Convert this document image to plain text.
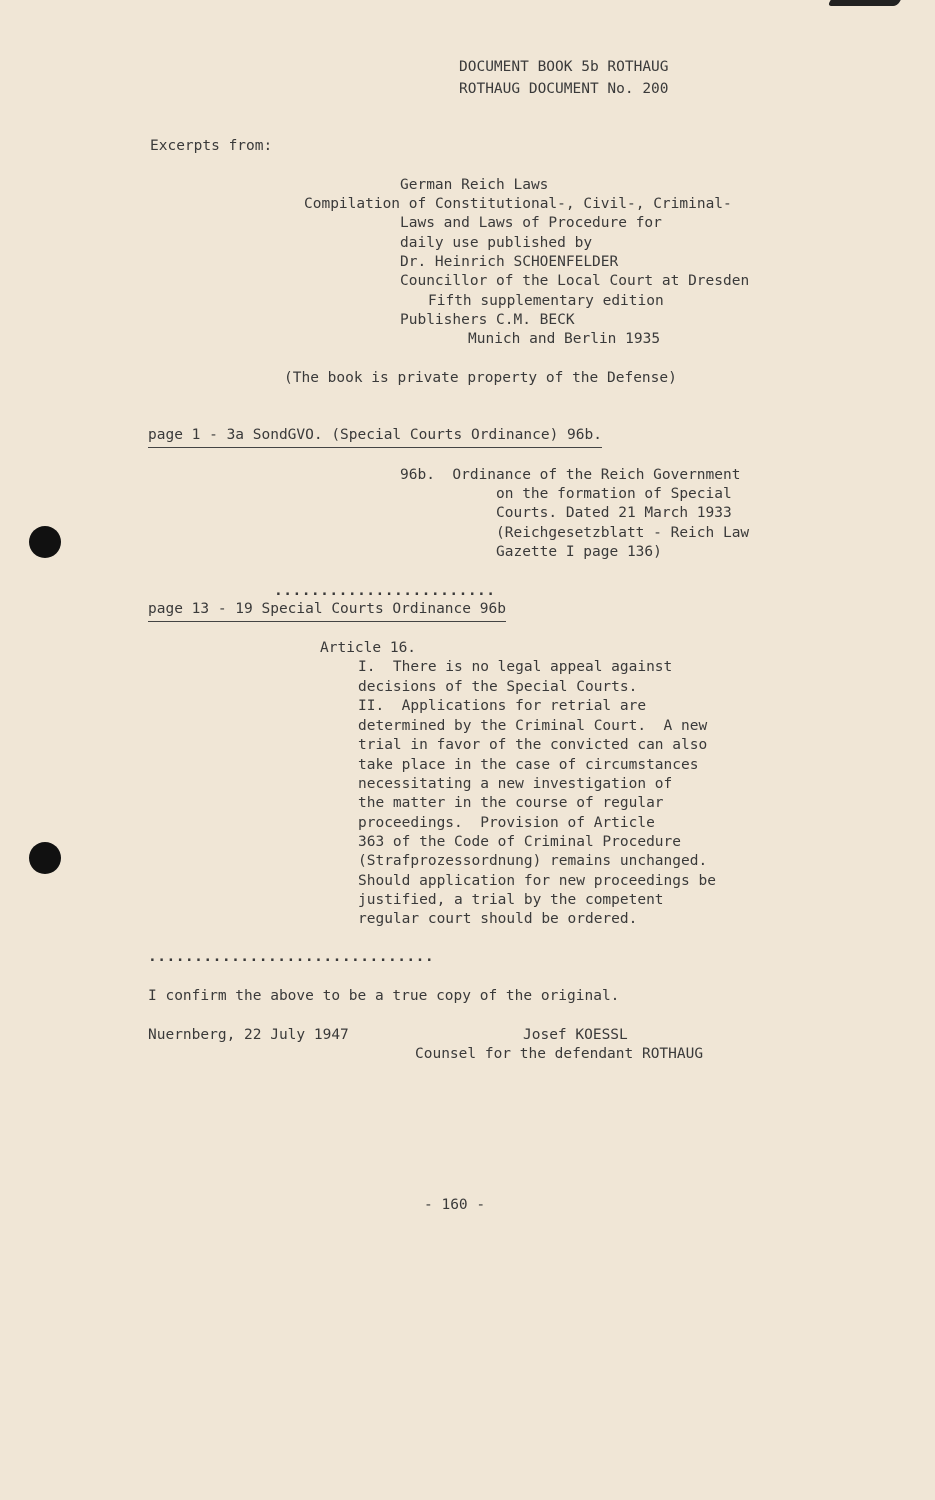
DOCUMENT BOOK 5b ROTHAUG
ROTHAUG DOCUMENT No. 200
Excerpts from:
German Reich Laws
Compilation of Constitutional-, Civil-, Criminal-
Laws and Laws of Procedure for
daily use published by
Dr. Heinrich SCHOENFELDER
Councillor of the Local Court at Dresden
Fifth supplementary edition
Publishers C.M. BECK
Munich and Berlin 1935
(The book is private property of the Defense)
page 1 - 3a SondGVO. (Special Courts Ordinance) 96b.
96b.  Ordinance of the Reich Government
on the formation of Special
Courts. Dated 21 March 1933
(Reichgesetzblatt - Reich Law
Gazette I page 136)
........................
page 13 - 19 Special Courts Ordinance 96b
Article 16.
I.  There is no legal appeal against
decisions of the Special Courts.
II.  Applications for retrial are
determined by the Criminal Court.  A new
trial in favor of the convicted can also
take place in the case of circumstances
necessitating a new investigation of
the matter in the course of regular
proceedings.  Provision of Article
363 of the Code of Criminal Procedure
(Strafprozessordnung) remains unchanged.
Should application for new proceedings be
justified, a trial by the competent
regular court should be ordered.
...............................
I confirm the above to be a true copy of the original.
Nuernberg, 22 July 1947	Josef KOESSL
Counsel for the defendant ROTHAUG
- 160 -
